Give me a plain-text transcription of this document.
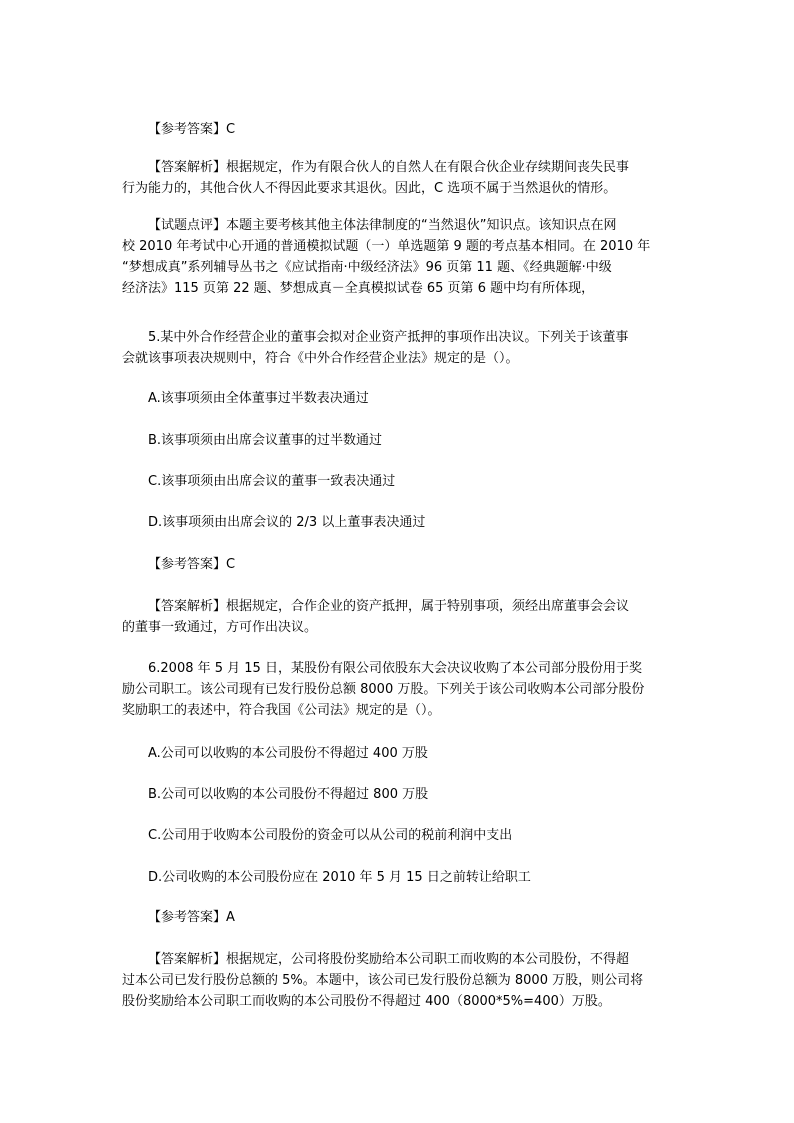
【参考答案】C

【答案解析】根据规定，作为有限合伙人的自然人在有限合伙企业存续期间丧失民事
行为能力的，其他合伙人不得因此要求其退伙。因此，C 选项不属于当然退伙的情形。

【试题点评】本题主要考核其他主体法律制度的“当然退伙”知识点。该知识点在网
校 2010 年考试中心开通的普通模拟试题（一）单选题第 9 题的考点基本相同。在 2010 年
“梦想成真”系列辅导丛书之《应试指南·中级经济法》96 页第 11 题、《经典题解·中级
经济法》115 页第 22 题、梦想成真－全真模拟试卷 65 页第 6 题中均有所体现，

5.某中外合作经营企业的董事会拟对企业资产抵押的事项作出决议。下列关于该董事
会就该事项表决规则中，符合《中外合作经营企业法》规定的是（）。

A.该事项须由全体董事过半数表决通过

B.该事项须由出席会议董事的过半数通过

C.该事项须由出席会议的董事一致表决通过

D.该事项须由出席会议的 2/3 以上董事表决通过

【参考答案】C

【答案解析】根据规定，合作企业的资产抵押，属于特别事项，须经出席董事会会议
的董事一致通过，方可作出决议。

6.2008 年 5 月 15 日，某股份有限公司依股东大会决议收购了本公司部分股份用于奖
励公司职工。该公司现有已发行股份总额 8000 万股。下列关于该公司收购本公司部分股份
奖励职工的表述中，符合我国《公司法》规定的是（）。

A.公司可以收购的本公司股份不得超过 400 万股

B.公司可以收购的本公司股份不得超过 800 万股

C.公司用于收购本公司股份的资金可以从公司的税前利润中支出

D.公司收购的本公司股份应在 2010 年 5 月 15 日之前转让给职工

【参考答案】A

【答案解析】根据规定，公司将股份奖励给本公司职工而收购的本公司股份，不得超
过本公司已发行股份总额的 5%。本题中，该公司已发行股份总额为 8000 万股，则公司将
股份奖励给本公司职工而收购的本公司股份不得超过 400（8000*5%=400）万股。
